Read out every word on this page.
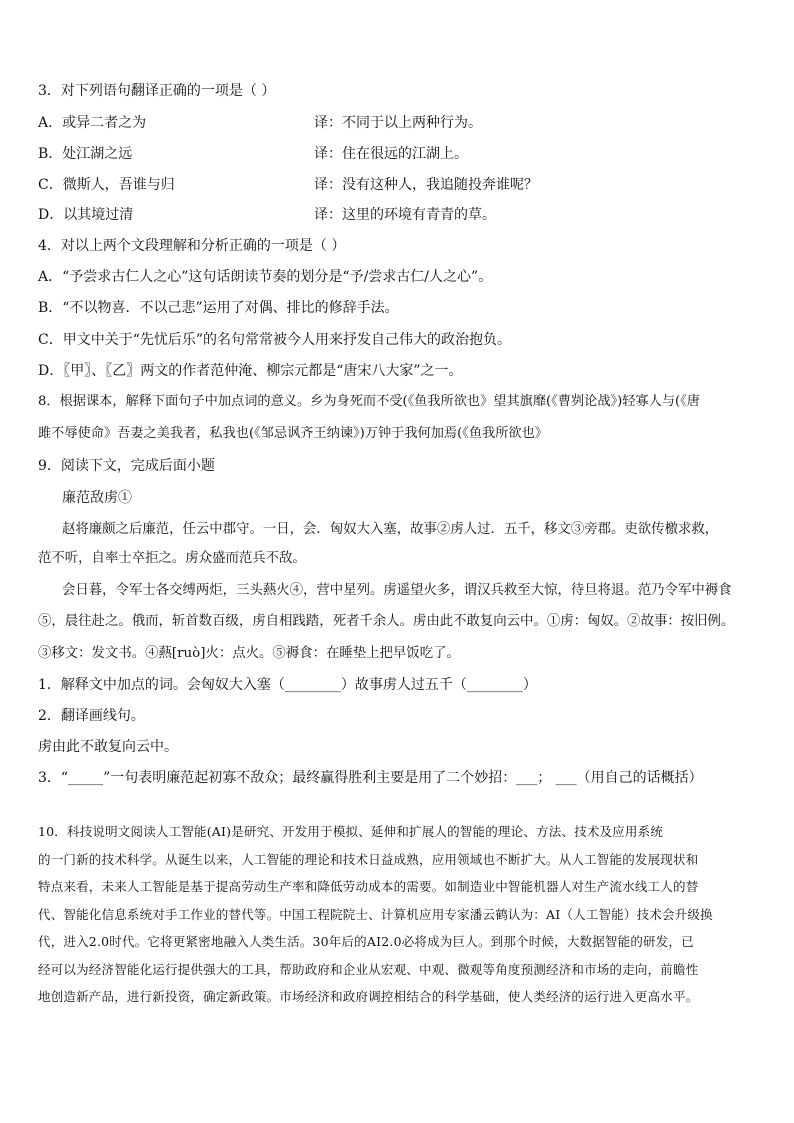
3．对下列语句翻译正确的一项是（ ）
A．或异二者之为	译：不同于以上两种行为。
B．处江湖之远	译：住在很远的江湖上。
C．微斯人，吾谁与归	译：没有这种人，我追随投奔谁呢？
D．以其境过清	译：这里的环境有青青的草。
4．对以上两个文段理解和分析正确的一项是（ ）
A．“予尝求古仁人之心”这句话朗读节奏的划分是“予/尝求古仁/人之心”。
B．“不以物喜．不以己悲”运用了对偶、排比的修辞手法。
C．甲文中关于“先忧后乐”的名句常常被今人用来抒发自己伟大的政治抱负。
D．〖甲〗、〖乙〗两文的作者范仲淹、柳宗元都是“唐宋八大家”之一。
8．根据课本，解释下面句子中加点词的意义。乡为身死而不受(《鱼我所欲也》望其旗靡(《曹刿论战》)轻寡人与(《唐
雎不辱使命》吾妻之美我者，私我也(《邹忌讽齐王纳谏》)万钟于我何加焉(《鱼我所欲也》
9．阅读下文，完成后面小题
廉范敌虏①
赵将廉颇之后廉范，任云中郡守。一日，会．匈奴大入塞，故事②虏人过．五千，移文③旁郡。吏欲传檄求救，
范不听，自率士卒拒之。虏众盛而范兵不敌。
会日暮，令军士各交缚两炬，三头爇火④，营中星列。虏遥望火多，谓汉兵救至大惊，待旦将退。范乃令军中褥食
⑤，晨往赴之。俄而，斩首数百级，虏自相践踏，死者千余人。虏由此不敢复向云中。①虏：匈奴。②故事：按旧例。
③移文：发文书。④爇[ruò]火：点火。⑤褥食：在睡垫上把早饭吃了。
1．解释文中加点的词。会匈奴大入塞（________）故事虏人过五千（________）
2．翻译画线句。
虏由此不敢复向云中。
3．“_____”一句表明廉范起初寡不敌众；最终赢得胜利主要是用了二个妙招：___； ___（用自己的话概括）
10．科技说明文阅读人工智能(AI)是研究、开发用于模拟、延伸和扩展人的智能的理论、方法、技术及应用系统
的一门新的技术科学。从诞生以来，人工智能的理论和技术日益成熟，应用领域也不断扩大。从人工智能的发展现状和
特点来看，未来人工智能是基于提高劳动生产率和降低劳动成本的需要。如制造业中智能机器人对生产流水线工人的替
代、智能化信息系统对手工作业的替代等。中国工程院院士、计算机应用专家潘云鹤认为：AI（人工智能）技术会升级换
代，进入2.0时代。它将更紧密地融入人类生活。30年后的AI2.0必将成为巨人。到那个时候，大数据智能的研发，已
经可以为经济智能化运行提供强大的工具，帮助政府和企业从宏观、中观、微观等角度预测经济和市场的走向，前瞻性
地创造新产品，进行新投资，确定新政策。市场经济和政府调控相结合的科学基础，使人类经济的运行进入更高水平。
